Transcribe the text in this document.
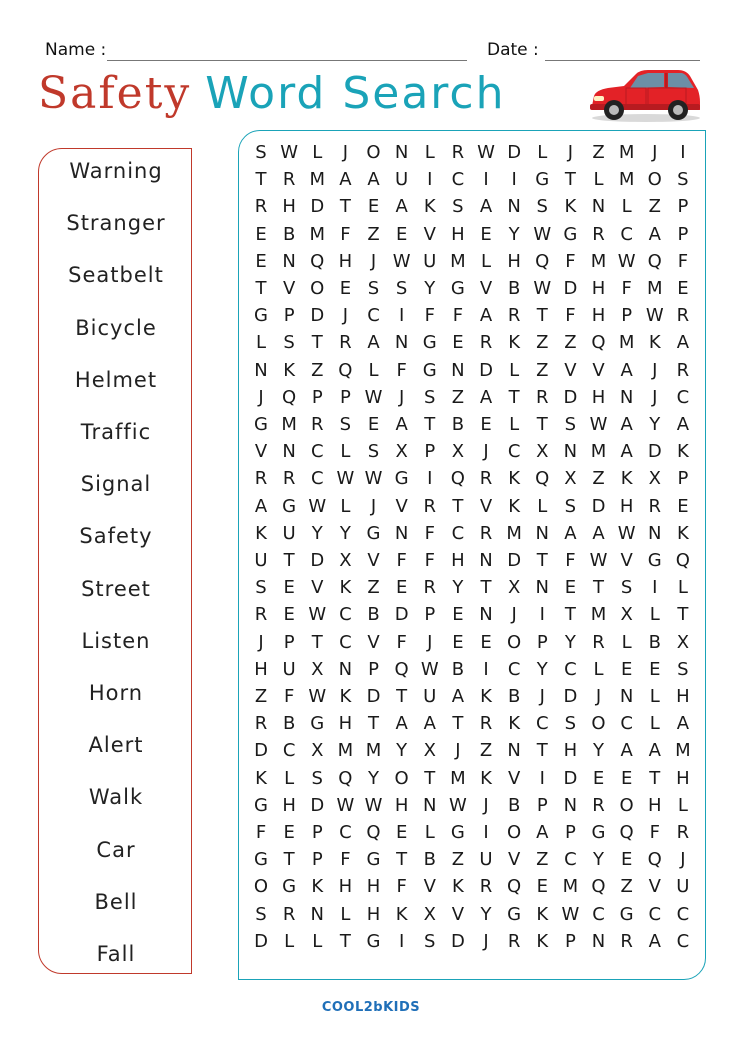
Name :	Date :
Safety Word Search
Warning
Stranger
Seatbelt
Bicycle
Helmet
Traffic
Signal
Safety
Street
Listen
Horn
Alert
Walk
Car
Bell
Fall
S W L	J	O N L R W D L	J	Z M J	I
T R M A A U	I	C	I	I	G T L M O S
R H D T E A K S A N S K N L Z P
E B M F Z E V H E Y W G R C A P
E N Q H	J W U M L H Q F M W Q F
T V O E S S Y G V B W D H F M E
G P D	J	C	I	F F A R T F H P W R
L S T R A N G E R K Z Z Q M K A
N K Z Q L F G N D L Z V V A	J	R
J	Q P P W J	S Z A T R D H N	J	C
G M R S E A T B E L T S W A Y A
V N C L S X P X	J	C X N M A D K
R R C W W G	I	Q R K Q X Z K X P
A G W L	J	V R T V K L S D H R E
K U Y Y G N F C R M N A A W N K
U T D X V F F H N D T F W V G Q
S E V K Z E R Y T X N E T S	I	L
R E W C B D P E N	J	I	T M X L T
J	P T C V F	J	E E O P Y R L B X
H U X N P Q W B	I	C Y C L E E S
Z F W K D T U A K B	J	D	J	N L H
R B G H T A A T R K C S O C L A
D C X M M Y X	J	Z N T H Y A A M
K L S Q Y O T M K V	I	D E E T H
G H D W W H N W J	B P N R O H L
F E P C Q E L G	I	O A P G Q F R
G T P F G T B Z U V Z C Y E Q	J
O G K H H F V K R Q E M Q Z V U
S R N L H K X V Y G K W C G C C
D L	L T G	I	S D	J	R K P N R A C
COOL2bKIDS
